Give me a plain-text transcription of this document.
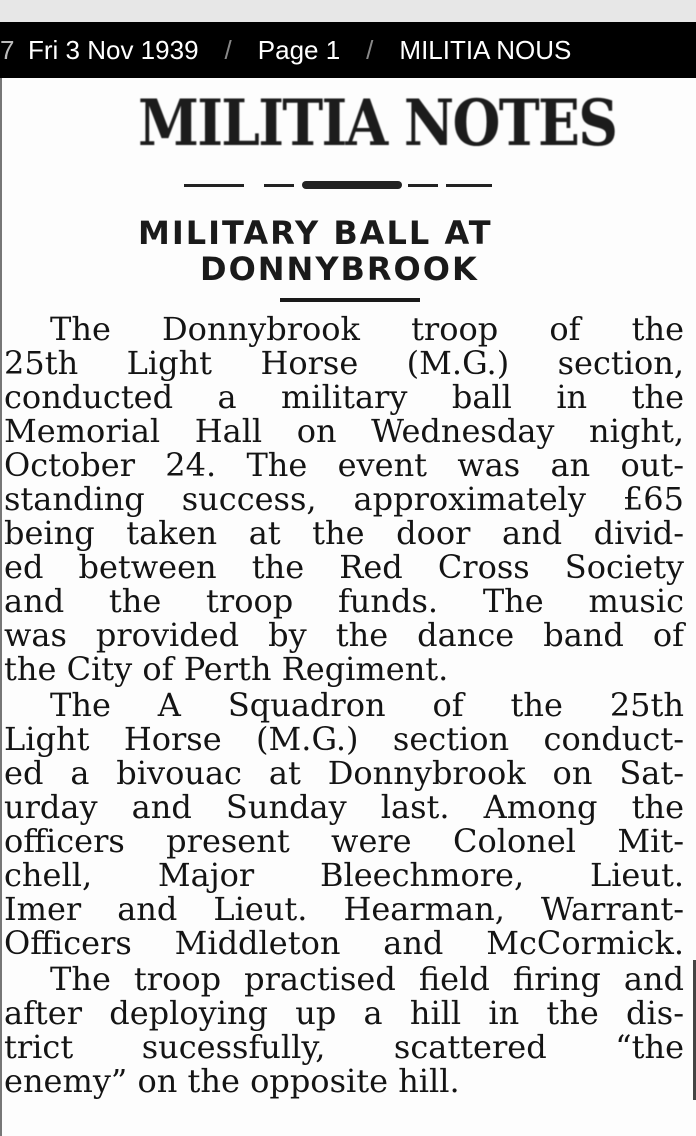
7 Fri 3 Nov 1939 / Page 1 / MILITIA NOUS
MILITIA NOTES
MILITARY BALL AT
DONNYBROOK
The Donnybrook troop of the
25th Light Horse (M.G.) section,
conducted a military ball in the
Memorial Hall on Wednesday night,
October 24. The event was an out-
standing success, approximately £65
being taken at the door and divid-
ed between the Red Cross Society
and the troop funds. The music
was provided by the dance band of
the City of Perth Regiment.
The A Squadron of the 25th
Light Horse (M.G.) section conduct-
ed a bivouac at Donnybrook on Sat-
urday and Sunday last. Among the
officers present were Colonel Mit-
chell, Major Bleechmore, Lieut.
Imer and Lieut. Hearman, Warrant-
Officers Middleton and McCormick.
The troop practised field firing and
after deploying up a hill in the dis-
trict sucessfully, scattered “the
enemy” on the opposite hill.
